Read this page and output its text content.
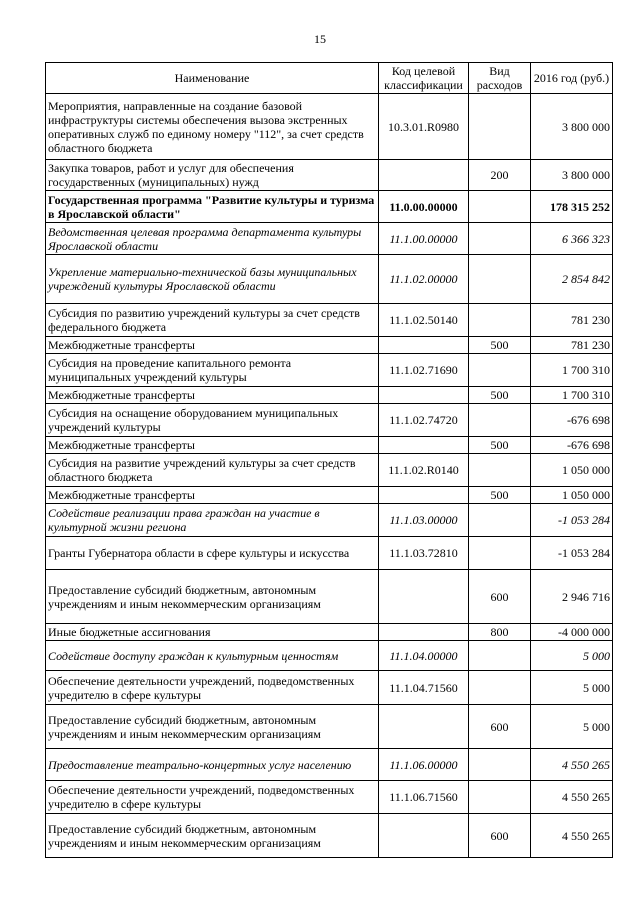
15
Наименование	Код целевой классификации	Вид расходов	2016 год (руб.)
Мероприятия, направленные на создание базовой инфраструктуры системы обеспечения вызова экстренных оперативных служб по единому номеру "112", за счет средств областного бюджета	10.3.01.R0980		3 800 000
Закупка товаров, работ и услуг для обеспечения государственных (муниципальных) нужд		200	3 800 000
Государственная программа "Развитие культуры и туризма в Ярославской области"	11.0.00.00000		178 315 252
Ведомственная целевая программа департамента культуры Ярославской области	11.1.00.00000		6 366 323
Укрепление материально-технической базы муниципальных учреждений культуры Ярославской области	11.1.02.00000		2 854 842
Субсидия по развитию учреждений культуры за счет средств федерального бюджета	11.1.02.50140		781 230
Межбюджетные трансферты		500	781 230
Субсидия на проведение капитального ремонта муниципальных учреждений культуры	11.1.02.71690		1 700 310
Межбюджетные трансферты		500	1 700 310
Субсидия на оснащение оборудованием муниципальных учреждений культуры	11.1.02.74720		-676 698
Межбюджетные трансферты		500	-676 698
Субсидия на развитие учреждений культуры за счет средств областного бюджета	11.1.02.R0140		1 050 000
Межбюджетные трансферты		500	1 050 000
Содействие реализации права граждан на участие в культурной жизни региона	11.1.03.00000		-1 053 284
Гранты Губернатора области в сфере культуры и искусства	11.1.03.72810		-1 053 284
Предоставление субсидий бюджетным, автономным учреждениям и иным некоммерческим организациям		600	2 946 716
Иные бюджетные ассигнования		800	-4 000 000
Содействие доступу граждан к культурным ценностям	11.1.04.00000		5 000
Обеспечение деятельности учреждений, подведомственных учредителю в сфере культуры	11.1.04.71560		5 000
Предоставление субсидий бюджетным, автономным учреждениям и иным некоммерческим организациям		600	5 000
Предоставление театрально-концертных услуг населению	11.1.06.00000		4 550 265
Обеспечение деятельности учреждений, подведомственных учредителю в сфере культуры	11.1.06.71560		4 550 265
Предоставление субсидий бюджетным, автономным учреждениям и иным некоммерческим организациям		600	4 550 265
